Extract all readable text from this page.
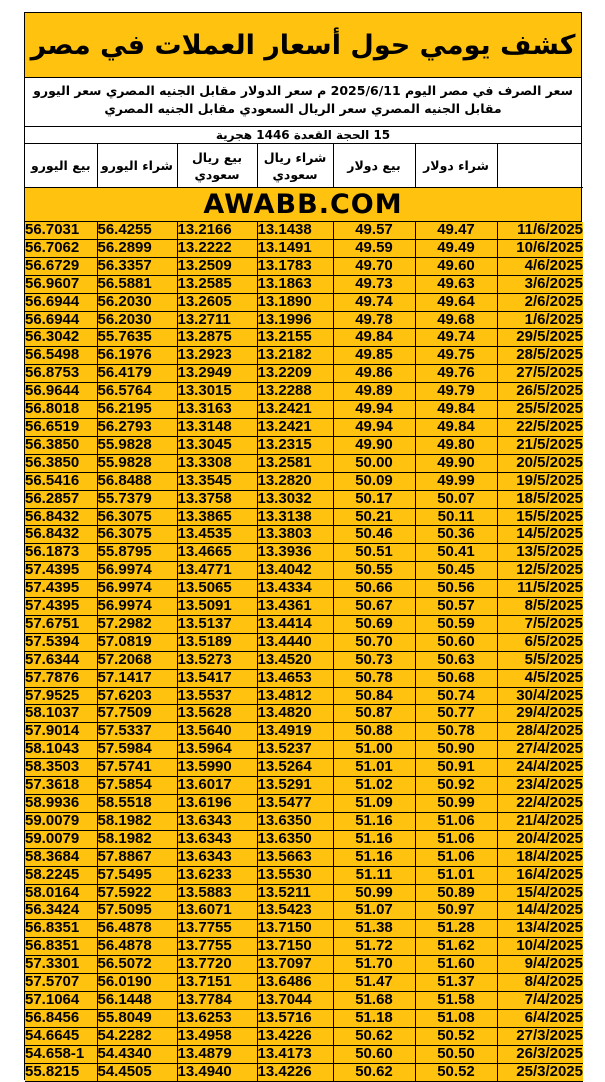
كشف يومي حول أسعار العملات في مصر
سعر الصرف في مصر اليوم 2025/6/11 م سعر الدولار مقابل الجنيه المصري سعر اليورو مقابل الجنيه المصري سعر الريال السعودي مقابل الجنيه المصري
15 الحجة القعدة 1446 هجرية
بيع اليورو	شراء اليورو	بيع ريال سعودي	شراء ريال سعودي	بيع دولار	شراء دولار	
AWABB.COM
56.7031	56.4255	13.2166	13.1438	49.57	49.47	11/6/2025
56.7062	56.2899	13.2222	13.1491	49.59	49.49	10/6/2025
56.6729	56.3357	13.2509	13.1783	49.70	49.60	4/6/2025
56.9607	56.5881	13.2585	13.1863	49.73	49.63	3/6/2025
56.6944	56.2030	13.2605	13.1890	49.74	49.64	2/6/2025
56.6944	56.2030	13.2711	13.1996	49.78	49.68	1/6/2025
56.3042	55.7635	13.2875	13.2155	49.84	49.74	29/5/2025
56.5498	56.1976	13.2923	13.2182	49.85	49.75	28/5/2025
56.8753	56.4179	13.2949	13.2209	49.86	49.76	27/5/2025
56.9644	56.5764	13.3015	13.2288	49.89	49.79	26/5/2025
56.8018	56.2195	13.3163	13.2421	49.94	49.84	25/5/2025
56.6519	56.2793	13.3148	13.2421	49.94	49.84	22/5/2025
56.3850	55.9828	13.3045	13.2315	49.90	49.80	21/5/2025
56.3850	55.9828	13.3308	13.2581	50.00	49.90	20/5/2025
56.5416	56.8488	13.3545	13.2820	50.09	49.99	19/5/2025
56.2857	55.7379	13.3758	13.3032	50.17	50.07	18/5/2025
56.8432	56.3075	13.3865	13.3138	50.21	50.11	15/5/2025
56.8432	56.3075	13.4535	13.3803	50.46	50.36	14/5/2025
56.1873	55.8795	13.4665	13.3936	50.51	50.41	13/5/2025
57.4395	56.9974	13.4771	13.4042	50.55	50.45	12/5/2025
57.4395	56.9974	13.5065	13.4334	50.66	50.56	11/5/2025
57.4395	56.9974	13.5091	13.4361	50.67	50.57	8/5/2025
57.6751	57.2982	13.5137	13.4414	50.69	50.59	7/5/2025
57.5394	57.0819	13.5189	13.4440	50.70	50.60	6/5/2025
57.6344	57.2068	13.5273	13.4520	50.73	50.63	5/5/2025
57.7876	57.1417	13.5417	13.4653	50.78	50.68	4/5/2025
57.9525	57.6203	13.5537	13.4812	50.84	50.74	30/4/2025
58.1037	57.7509	13.5628	13.4820	50.87	50.77	29/4/2025
57.9014	57.5337	13.5640	13.4919	50.88	50.78	28/4/2025
58.1043	57.5984	13.5964	13.5237	51.00	50.90	27/4/2025
58.3503	57.5741	13.5990	13.5264	51.01	50.91	24/4/2025
57.3618	57.5854	13.6017	13.5291	51.02	50.92	23/4/2025
58.9936	58.5518	13.6196	13.5477	51.09	50.99	22/4/2025
59.0079	58.1982	13.6343	13.6350	51.16	51.06	21/4/2025
59.0079	58.1982	13.6343	13.6350	51.16	51.06	20/4/2025
58.3684	57.8867	13.6343	13.5663	51.16	51.06	18/4/2025
58.2245	57.5495	13.6233	13.5530	51.11	51.01	16/4/2025
58.0164	57.5922	13.5883	13.5211	50.99	50.89	15/4/2025
56.3424	57.5095	13.6071	13.5423	51.07	50.97	14/4/2025
56.8351	56.4878	13.7755	13.7150	51.38	51.28	13/4/2025
56.8351	56.4878	13.7755	13.7150	51.72	51.62	10/4/2025
57.3301	56.5072	13.7720	13.7097	51.70	51.60	9/4/2025
57.5707	56.0190	13.7151	13.6486	51.47	51.37	8/4/2025
57.1064	56.1448	13.7784	13.7044	51.68	51.58	7/4/2025
56.8456	55.8049	13.6253	13.5716	51.18	51.08	6/4/2025
54.6645	54.2282	13.4958	13.4226	50.62	50.52	27/3/2025
54.658-1	54.4340	13.4879	13.4173	50.60	50.50	26/3/2025
55.8215	54.4505	13.4940	13.4226	50.62	50.52	25/3/2025
